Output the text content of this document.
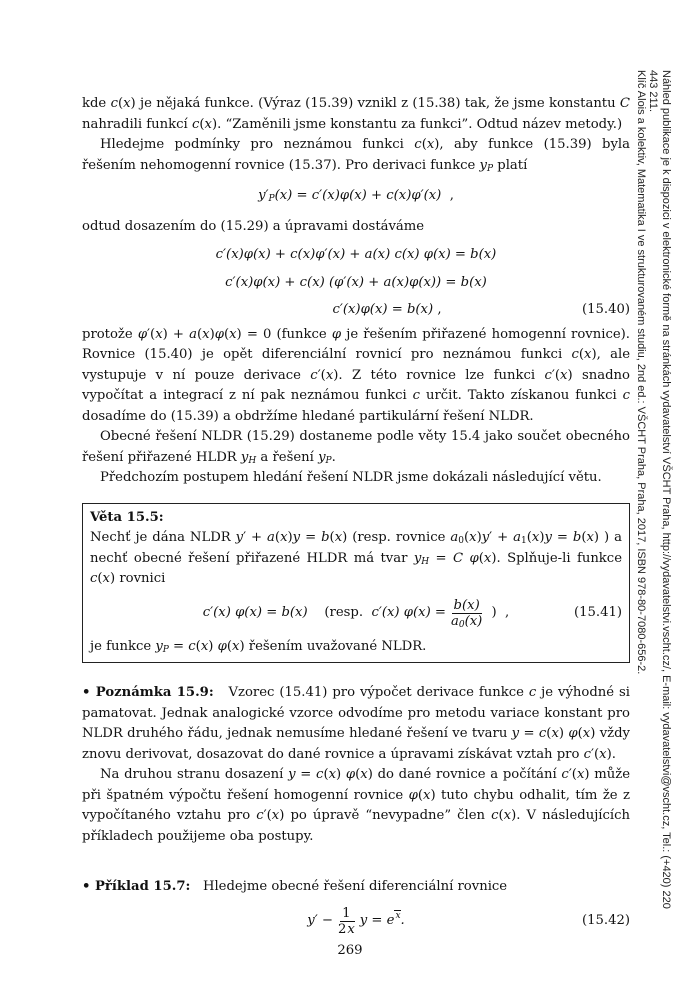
Náhled publikace je k dispozici v elektronické formě na stránkách vydavatelství VŠCHT Praha, http://vydavatelstvi.vscht.cz/, E-mail: vydavatelstvi@vscht.cz, Tel.: (+420) 220 443 211.
Klíč Alois a kolektiv, Matematika I ve strukturovaném studiu, 2nd ed.: VŠCHT Praha, Praha, 2017, ISBN 978-80-7080-656-2.

kde c(x) je nějaká funkce. (Výraz (15.39) vznikl z (15.38) tak, že jsme konstantu C nahradili funkcí c(x). “Zaměnili jsme konstantu za funkci”. Odtud název metody.)

Hledejme podmínky pro neznámou funkci c(x), aby funkce (15.39) byla řešením nehomogenní rovnice (15.37). Pro derivaci funkce $y_P$ platí

$y'_P(x) = c'(x)\varphi(x) + c(x)\varphi'(x)$ ,

odtud dosazením do (15.29) a úpravami dostáváme

c′(x)φ(x) + c(x)φ′(x) + a(x) c(x) φ(x) = b(x)
c′(x)φ(x) + c(x) (φ′(x) + a(x)φ(x)) = b(x)
c′(x)φ(x) = b(x) ,	(15.40)

protože φ′(x) + a(x)φ(x) = 0 (funkce φ je řešením přiřazené homogenní rovnice). Rovnice (15.40) je opět diferenciální rovnicí pro neznámou funkci c(x), ale vystupuje v ní pouze derivace c′(x). Z této rovnice lze funkci c′(x) snadno vypočítat a integrací z ní pak neznámou funkci c určit. Takto získanou funkci c dosadíme do (15.39) a obdržíme hledané partikulární řešení NLDR.

Obecné řešení NLDR (15.29) dostaneme podle věty 15.4 jako součet obecného řešení přiřazené HLDR $y_H$ a řešení $y_P$.

Předchozím postupem hledání řešení NLDR jsme dokázali následující větu.

Věta 15.5:

Nechť je dána NLDR y′ + a(x)y = b(x) (resp. rovnice $a_0(x)y' + a_1(x)y = b(x)$ ) a nechť obecné řešení přiřazené HLDR má tvar $y_H = C$ φ(x). Splňuje-li funkce c(x) rovnici

c′(x) φ(x) = b(x) (resp. c′(x) $\varphi(x) = \frac{b(x)}{a_0(x)}$ )  ,	(15.41)

je funkce $y_P = c(x)$ φ(x) řešením uvažované NLDR.

• Poznámka 15.9:   Vzorec (15.41) pro výpočet derivace funkce c je výhodné si pamatovat. Jednak analogické vzorce odvodíme pro metodu variace konstant pro NLDR druhého řádu, jednak nemusíme hledané řešení ve tvaru y = c(x) φ(x) vždy znovu derivovat, dosazovat do dané rovnice a úpravami získávat vztah pro c′(x).

Na druhou stranu dosazení y = c(x) φ(x) do dané rovnice a počítání c′(x) může při špatném výpočtu řešení homogenní rovnice φ(x) tuto chybu odhalit, tím že z vypočítaného vztahu pro c′(x) po úpravě “nevypadne” člen c(x). V následujících příkladech použijeme oba postupy.

• Příklad 15.7:   Hledejme obecné řešení diferenciální rovnice

$y' - \frac{1}{2x}$ $y = e^x$.	(15.42)
269
